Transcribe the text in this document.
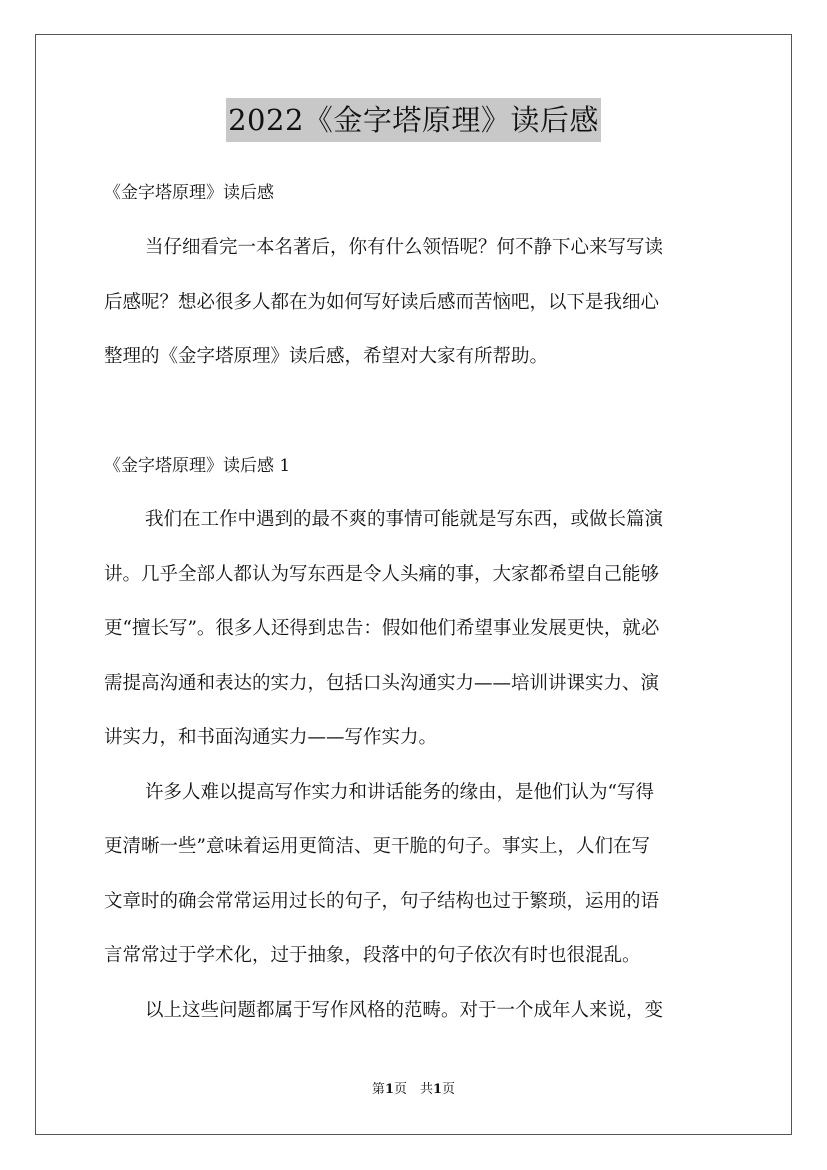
2022《金字塔原理》读后感
《金字塔原理》读后感
当仔细看完一本名著后，你有什么领悟呢？何不静下心来写写读
后感呢？想必很多人都在为如何写好读后感而苦恼吧，以下是我细心
整理的《金字塔原理》读后感，希望对大家有所帮助。
《金字塔原理》读后感 1
我们在工作中遇到的最不爽的事情可能就是写东西，或做长篇演
讲。几乎全部人都认为写东西是令人头痛的事，大家都希望自己能够
更“擅长写”。很多人还得到忠告：假如他们希望事业发展更快，就必
需提高沟通和表达的实力，包括口头沟通实力——培训讲课实力、演
讲实力，和书面沟通实力——写作实力。
许多人难以提高写作实力和讲话能务的缘由，是他们认为“写得
更清晰一些”意味着运用更简洁、更干脆的句子。事实上，人们在写
文章时的确会常常运用过长的句子，句子结构也过于繁琐，运用的语
言常常过于学术化，过于抽象，段落中的句子依次有时也很混乱。
以上这些问题都属于写作风格的范畴。对于一个成年人来说，变
第1页　共1页
